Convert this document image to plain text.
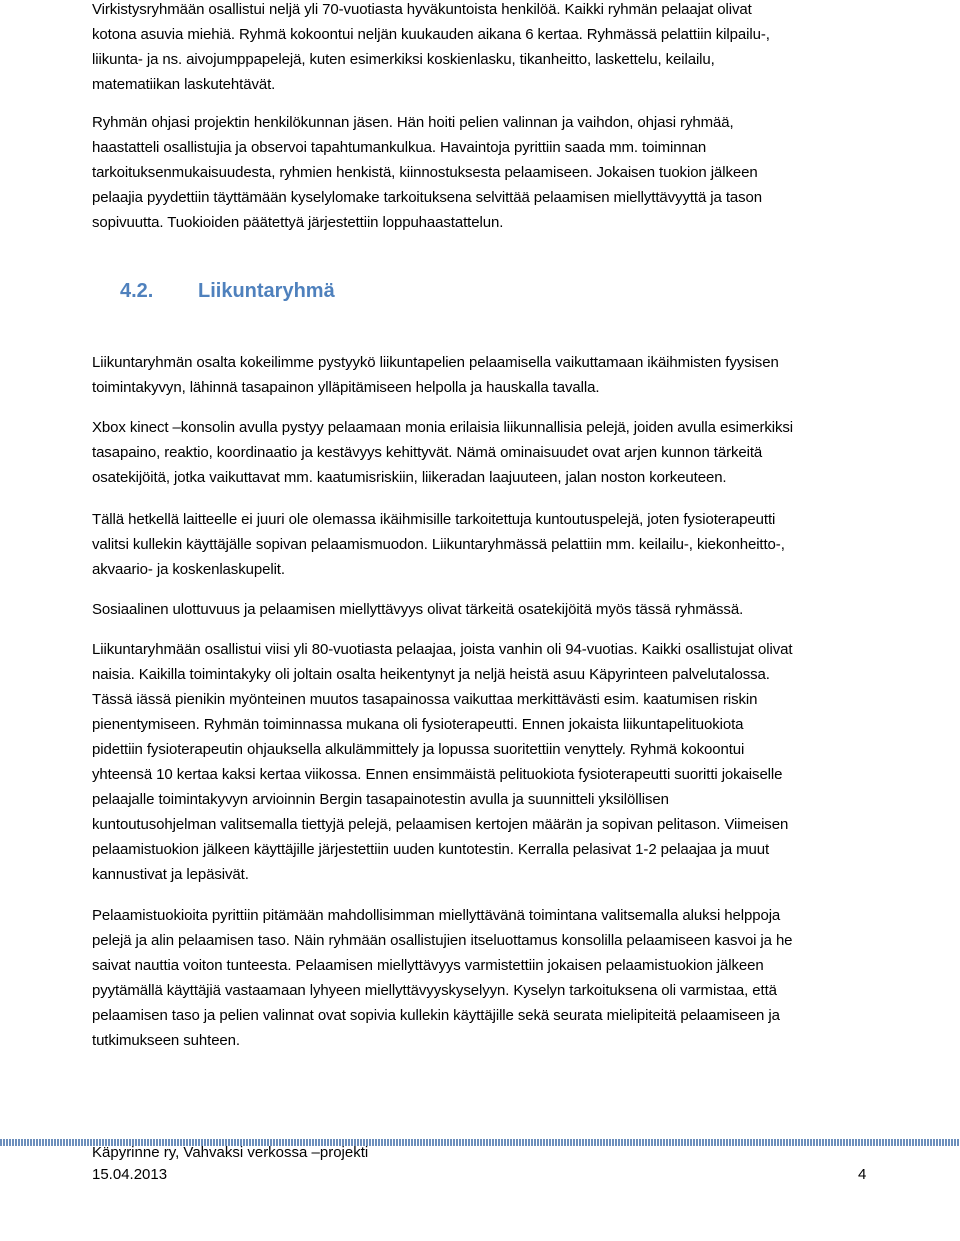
Virkistysryhmään osallistui neljä yli 70-vuotiasta hyväkuntoista henkilöä. Kaikki ryhmän pelaajat olivat
kotona asuvia miehiä. Ryhmä kokoontui neljän kuukauden aikana 6 kertaa. Ryhmässä pelattiin kilpailu-,
liikunta- ja ns. aivojumppapelejä, kuten esimerkiksi koskienlasku, tikanheitto, laskettelu, keilailu,
matematiikan laskutehtävät.
Ryhmän ohjasi projektin henkilökunnan jäsen. Hän hoiti pelien valinnan ja vaihdon, ohjasi ryhmää,
haastatteli osallistujia ja observoi tapahtumankulkua. Havaintoja pyrittiin saada mm. toiminnan
tarkoituksenmukaisuudesta, ryhmien henkistä, kiinnostuksesta pelaamiseen. Jokaisen tuokion jälkeen
pelaajia pyydettiin täyttämään kyselylomake tarkoituksena selvittää pelaamisen miellyttävyyttä ja tason
sopivuutta. Tuokioiden päätettyä järjestettiin loppuhaastattelun.
4.2. Liikuntaryhmä
Liikuntaryhmän osalta kokeilimme pystyykö liikuntapelien pelaamisella vaikuttamaan ikäihmisten fyysisen
toimintakyvyn, lähinnä tasapainon ylläpitämiseen helpolla ja hauskalla tavalla.
Xbox kinect –konsolin avulla pystyy pelaamaan monia erilaisia liikunnallisia pelejä, joiden avulla esimerkiksi
tasapaino, reaktio, koordinaatio ja kestävyys kehittyvät. Nämä ominaisuudet ovat arjen kunnon tärkeitä
osatekijöitä, jotka vaikuttavat mm. kaatumisriskiin, liikeradan laajuuteen, jalan noston korkeuteen.
Tällä hetkellä laitteelle ei juuri ole olemassa ikäihmisille tarkoitettuja kuntoutuspelejä, joten fysioterapeutti
valitsi kullekin käyttäjälle sopivan pelaamismuodon. Liikuntaryhmässä pelattiin mm. keilailu-, kiekonheitto-,
akvaario- ja koskenlaskupelit.
Sosiaalinen ulottuvuus ja pelaamisen miellyttävyys olivat tärkeitä osatekijöitä myös tässä ryhmässä.
Liikuntaryhmään osallistui viisi yli 80-vuotiasta pelaajaa, joista vanhin oli 94-vuotias. Kaikki osallistujat olivat
naisia. Kaikilla toimintakyky oli joltain osalta heikentynyt ja neljä heistä asuu Käpyrinteen palvelutalossa.
Tässä iässä pienikin myönteinen muutos tasapainossa vaikuttaa merkittävästi esim. kaatumisen riskin
pienentymiseen. Ryhmän toiminnassa mukana oli fysioterapeutti. Ennen jokaista liikuntapelituokiota
pidettiin fysioterapeutin ohjauksella alkulämmittely ja lopussa suoritettiin venyttely. Ryhmä kokoontui
yhteensä 10 kertaa kaksi kertaa viikossa. Ennen ensimmäistä pelituokiota fysioterapeutti suoritti jokaiselle
pelaajalle toimintakyvyn arvioinnin Bergin tasapainotestin avulla ja suunnitteli yksilöllisen
kuntoutusohjelman valitsemalla tiettyjä pelejä, pelaamisen kertojen määrän ja sopivan pelitason. Viimeisen
pelaamistuokion jälkeen käyttäjille järjestettiin uuden kuntotestin. Kerralla pelasivat 1-2 pelaajaa ja muut
kannustivat ja lepäsivät.
Pelaamistuokioita pyrittiin pitämään mahdollisimman miellyttävänä toimintana valitsemalla aluksi helppoja
pelejä ja alin pelaamisen taso. Näin ryhmään osallistujien itseluottamus konsolilla pelaamiseen kasvoi ja he
saivat nauttia voiton tunteesta. Pelaamisen miellyttävyys varmistettiin jokaisen pelaamistuokion jälkeen
pyytämällä käyttäjiä vastaamaan lyhyeen miellyttävyyskyselyyn. Kyselyn tarkoituksena oli varmistaa, että
pelaamisen taso ja pelien valinnat ovat sopivia kullekin käyttäjille sekä seurata mielipiteitä pelaamiseen ja
tutkimukseen suhteen.
Käpyrinne ry, Vahvaksi verkossa –projekti
15.04.2013	4
